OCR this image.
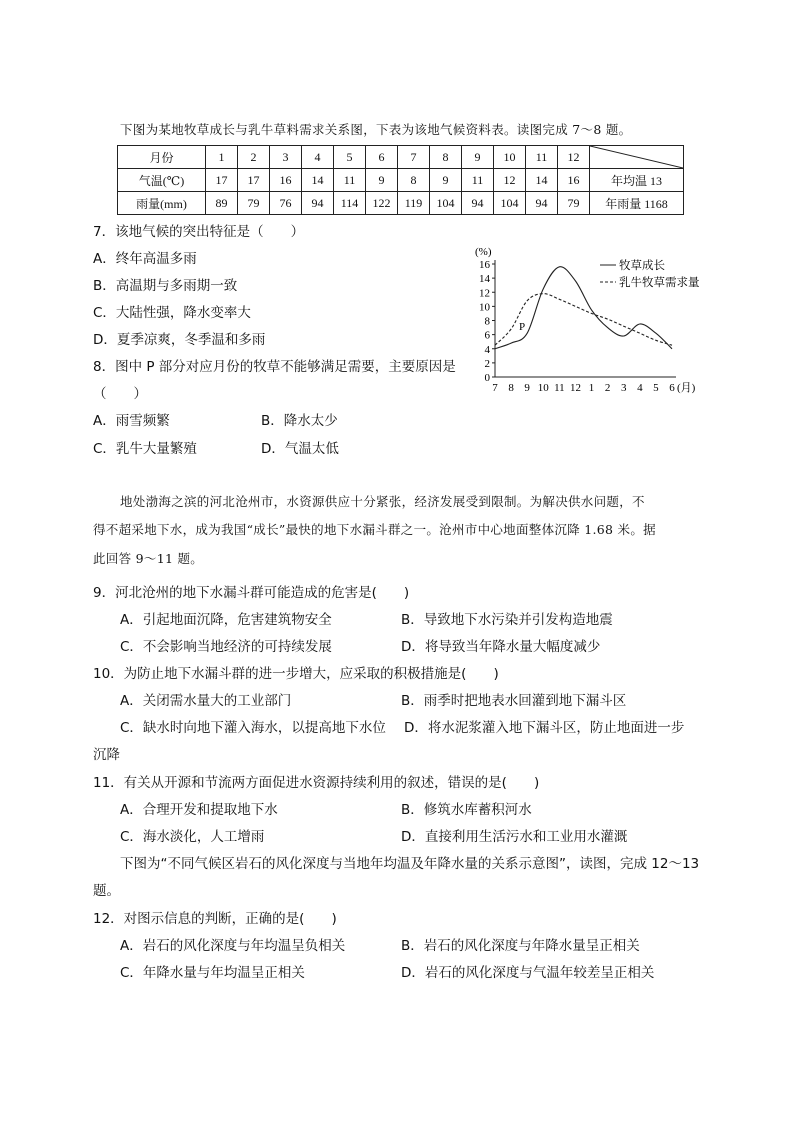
下图为某地牧草成长与乳牛草料需求关系图，下表为该地气候资料表。读图完成 7～8 题。
月份	1	2	3	4	5	6	7	8	9	10	11	12	

气温(℃)	17	17	16	14	11	9	8	9	11	12	14	16	年均温 13
雨量(mm)	89	79	76	94	114	122	119	104	94	104	94	79	年雨量 1168
7．该地气候的突出特征是（　　）
A．终年高温多雨
B．高温期与多雨期一致
C．大陆性强，降水变率大
D．夏季凉爽，冬季温和多雨
8．图中 P 部分对应月份的牧草不能够满足需要，主要原因是
（　　）
A．雨雪频繁	B．降水太少
C．乳牛大量繁殖	D．气温太低
(%)
(月)
0
2
4
6
8
10
12
14
16
7 8 9 10 11 12 1 2 3 4 5 6
P
牧草成长
乳牛牧草需求量
地处渤海之滨的河北沧州市，水资源供应十分紧张，经济发展受到限制。为解决供水问题，不
得不超采地下水，成为我国“成长”最快的地下水漏斗群之一。沧州市中心地面整体沉降 1.68 米。据
此回答 9～11 题。
9．河北沧州的地下水漏斗群可能造成的危害是(　　)
A．引起地面沉降，危害建筑物安全	B．导致地下水污染并引发构造地震
C．不会影响当地经济的可持续发展	D．将导致当年降水量大幅度减少
10．为防止地下水漏斗群的进一步增大，应采取的积极措施是(　　)
A．关闭需水量大的工业部门	B．雨季时把地表水回灌到地下漏斗区
C．缺水时向地下灌入海水，以提高地下水位 D．将水泥浆灌入地下漏斗区，防止地面进一步
沉降
11．有关从开源和节流两方面促进水资源持续利用的叙述，错误的是(　　)
A．合理开发和提取地下水	B．修筑水库蓄积河水
C．海水淡化，人工增雨	D．直接利用生活污水和工业用水灌溉
下图为“不同气候区岩石的风化深度与当地年均温及年降水量的关系示意图”，读图，完成 12～13
题。
12．对图示信息的判断，正确的是(　　)
A．岩石的风化深度与年均温呈负相关	B．岩石的风化深度与年降水量呈正相关
C．年降水量与年均温呈正相关	D．岩石的风化深度与气温年较差呈正相关
